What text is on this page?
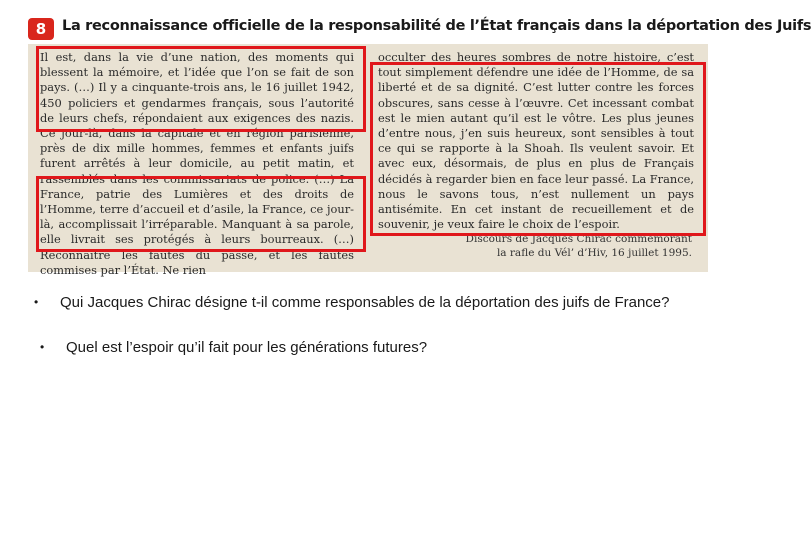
8	La reconnaissance officielle de la responsabilité de l’État français dans la déportation des Juifs
Il est, dans la vie d’une nation, des moments qui blessent la mémoire, et l’idée que l’on se fait de son pays. (…) Il y a cinquante-trois ans, le 16 juillet 1942, 450 policiers et gendarmes français, sous l’autorité de leurs chefs, répondaient aux exigences des nazis. Ce jour-là, dans la capitale et en région parisienne, près de dix mille hommes, femmes et enfants juifs furent arrêtés à leur domicile, au petit matin, et rassemblés dans les commissariats de police. (…) La France, patrie des Lumières et des droits de l’Homme, terre d’accueil et d’asile, la France, ce jour-là, accomplissait l’irréparable. Manquant à sa parole, elle livrait ses protégés à leurs bourreaux. (…) Reconnaître les fautes du passé, et les fautes commises par l’État. Ne rien
occulter des heures sombres de notre histoire, c’est tout simplement défendre une idée de l’Homme, de sa liberté et de sa dignité. C’est lutter contre les forces obscures, sans cesse à l’œuvre. Cet incessant combat est le mien autant qu’il est le vôtre. Les plus jeunes d’entre nous, j’en suis heureux, sont sensibles à tout ce qui se rapporte à la Shoah. Ils veulent savoir. Et avec eux, désormais, de plus en plus de Français décidés à regarder bien en face leur passé. La France, nous le savons tous, n’est nullement un pays antisémite. En cet instant de recueillement et de souvenir, je veux faire le choix de l’espoir.
Discours de Jacques Chirac commémorant
la rafle du Vél’ d’Hiv, 16 juillet 1995.
• Qui Jacques Chirac désigne t-il comme responsables de la déportation des juifs de France?
• Quel est l’espoir qu’il fait pour les générations futures?
